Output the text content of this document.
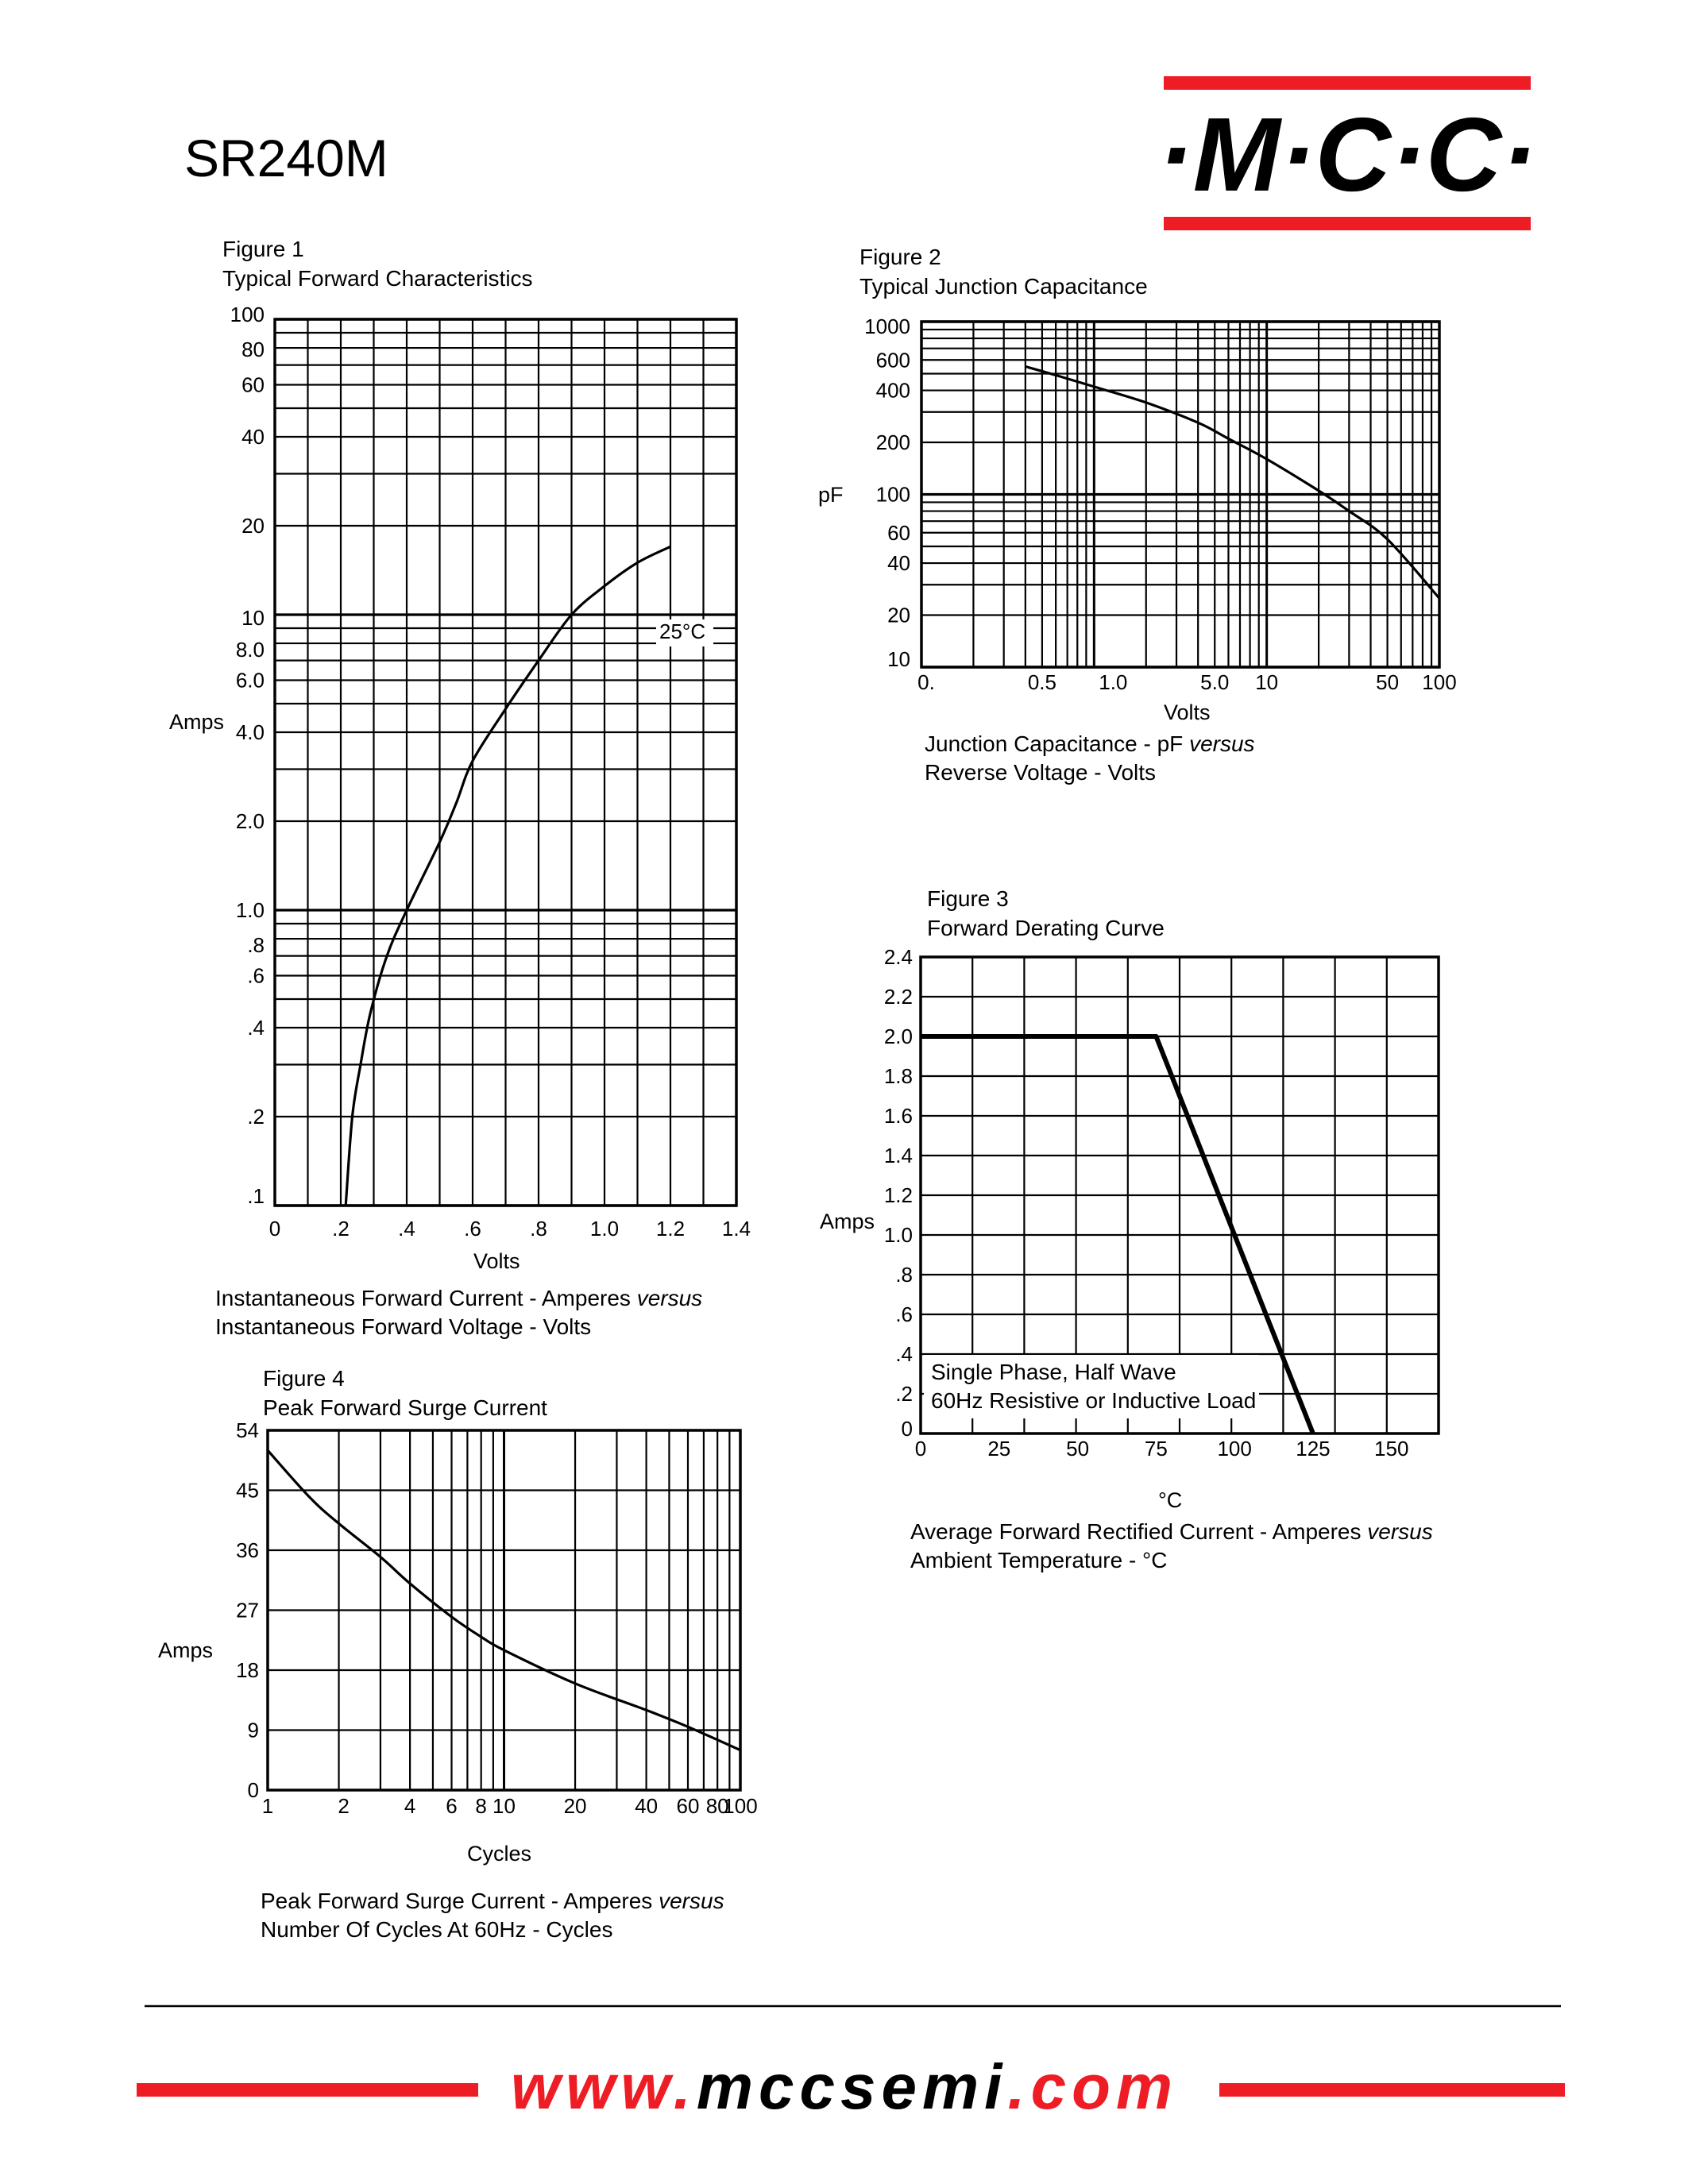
SR240M	·M·C·C·
Figure 1
Typical Forward Characteristics
100
80
60
40
20
10
8.0
6.0
4.0
2.0
1.0
.8
.6
.4
.2
.1
0 .2 .4 .6 .8 1.0 1.2 1.4
Amps
Volts
Instantaneous Forward Current - Amperes versus
Instantaneous Forward Voltage - Volts
25°C
Figure 2
Typical Junction Capacitance
1000
600
400
200
100
60
40
20
10
0.	0.5 1.0	5.0 10	50 100
pF
Volts
Junction Capacitance - pF versus
Reverse Voltage - Volts
Figure 3
Forward Derating Curve
2.4
2.2
2.0
1.8
1.6
1.4
1.2
1.0
.8
.6
.4
.2
0
0	25	50	75 100 125 150
Amps
°C
Average Forward Rectified Current - Amperes versus
Ambient Temperature - °C
Single Phase, Half Wave
60Hz Resistive or Inductive Load
Figure 4
Peak Forward Surge Current
54
45
36
27
18
9
0
1	2	4 6 8 10 20 40 60 80
100
Amps
Cycles
Peak Forward Surge Current - Amperes versus
Number Of Cycles At 60Hz - Cycles
www.mccsemi.com
